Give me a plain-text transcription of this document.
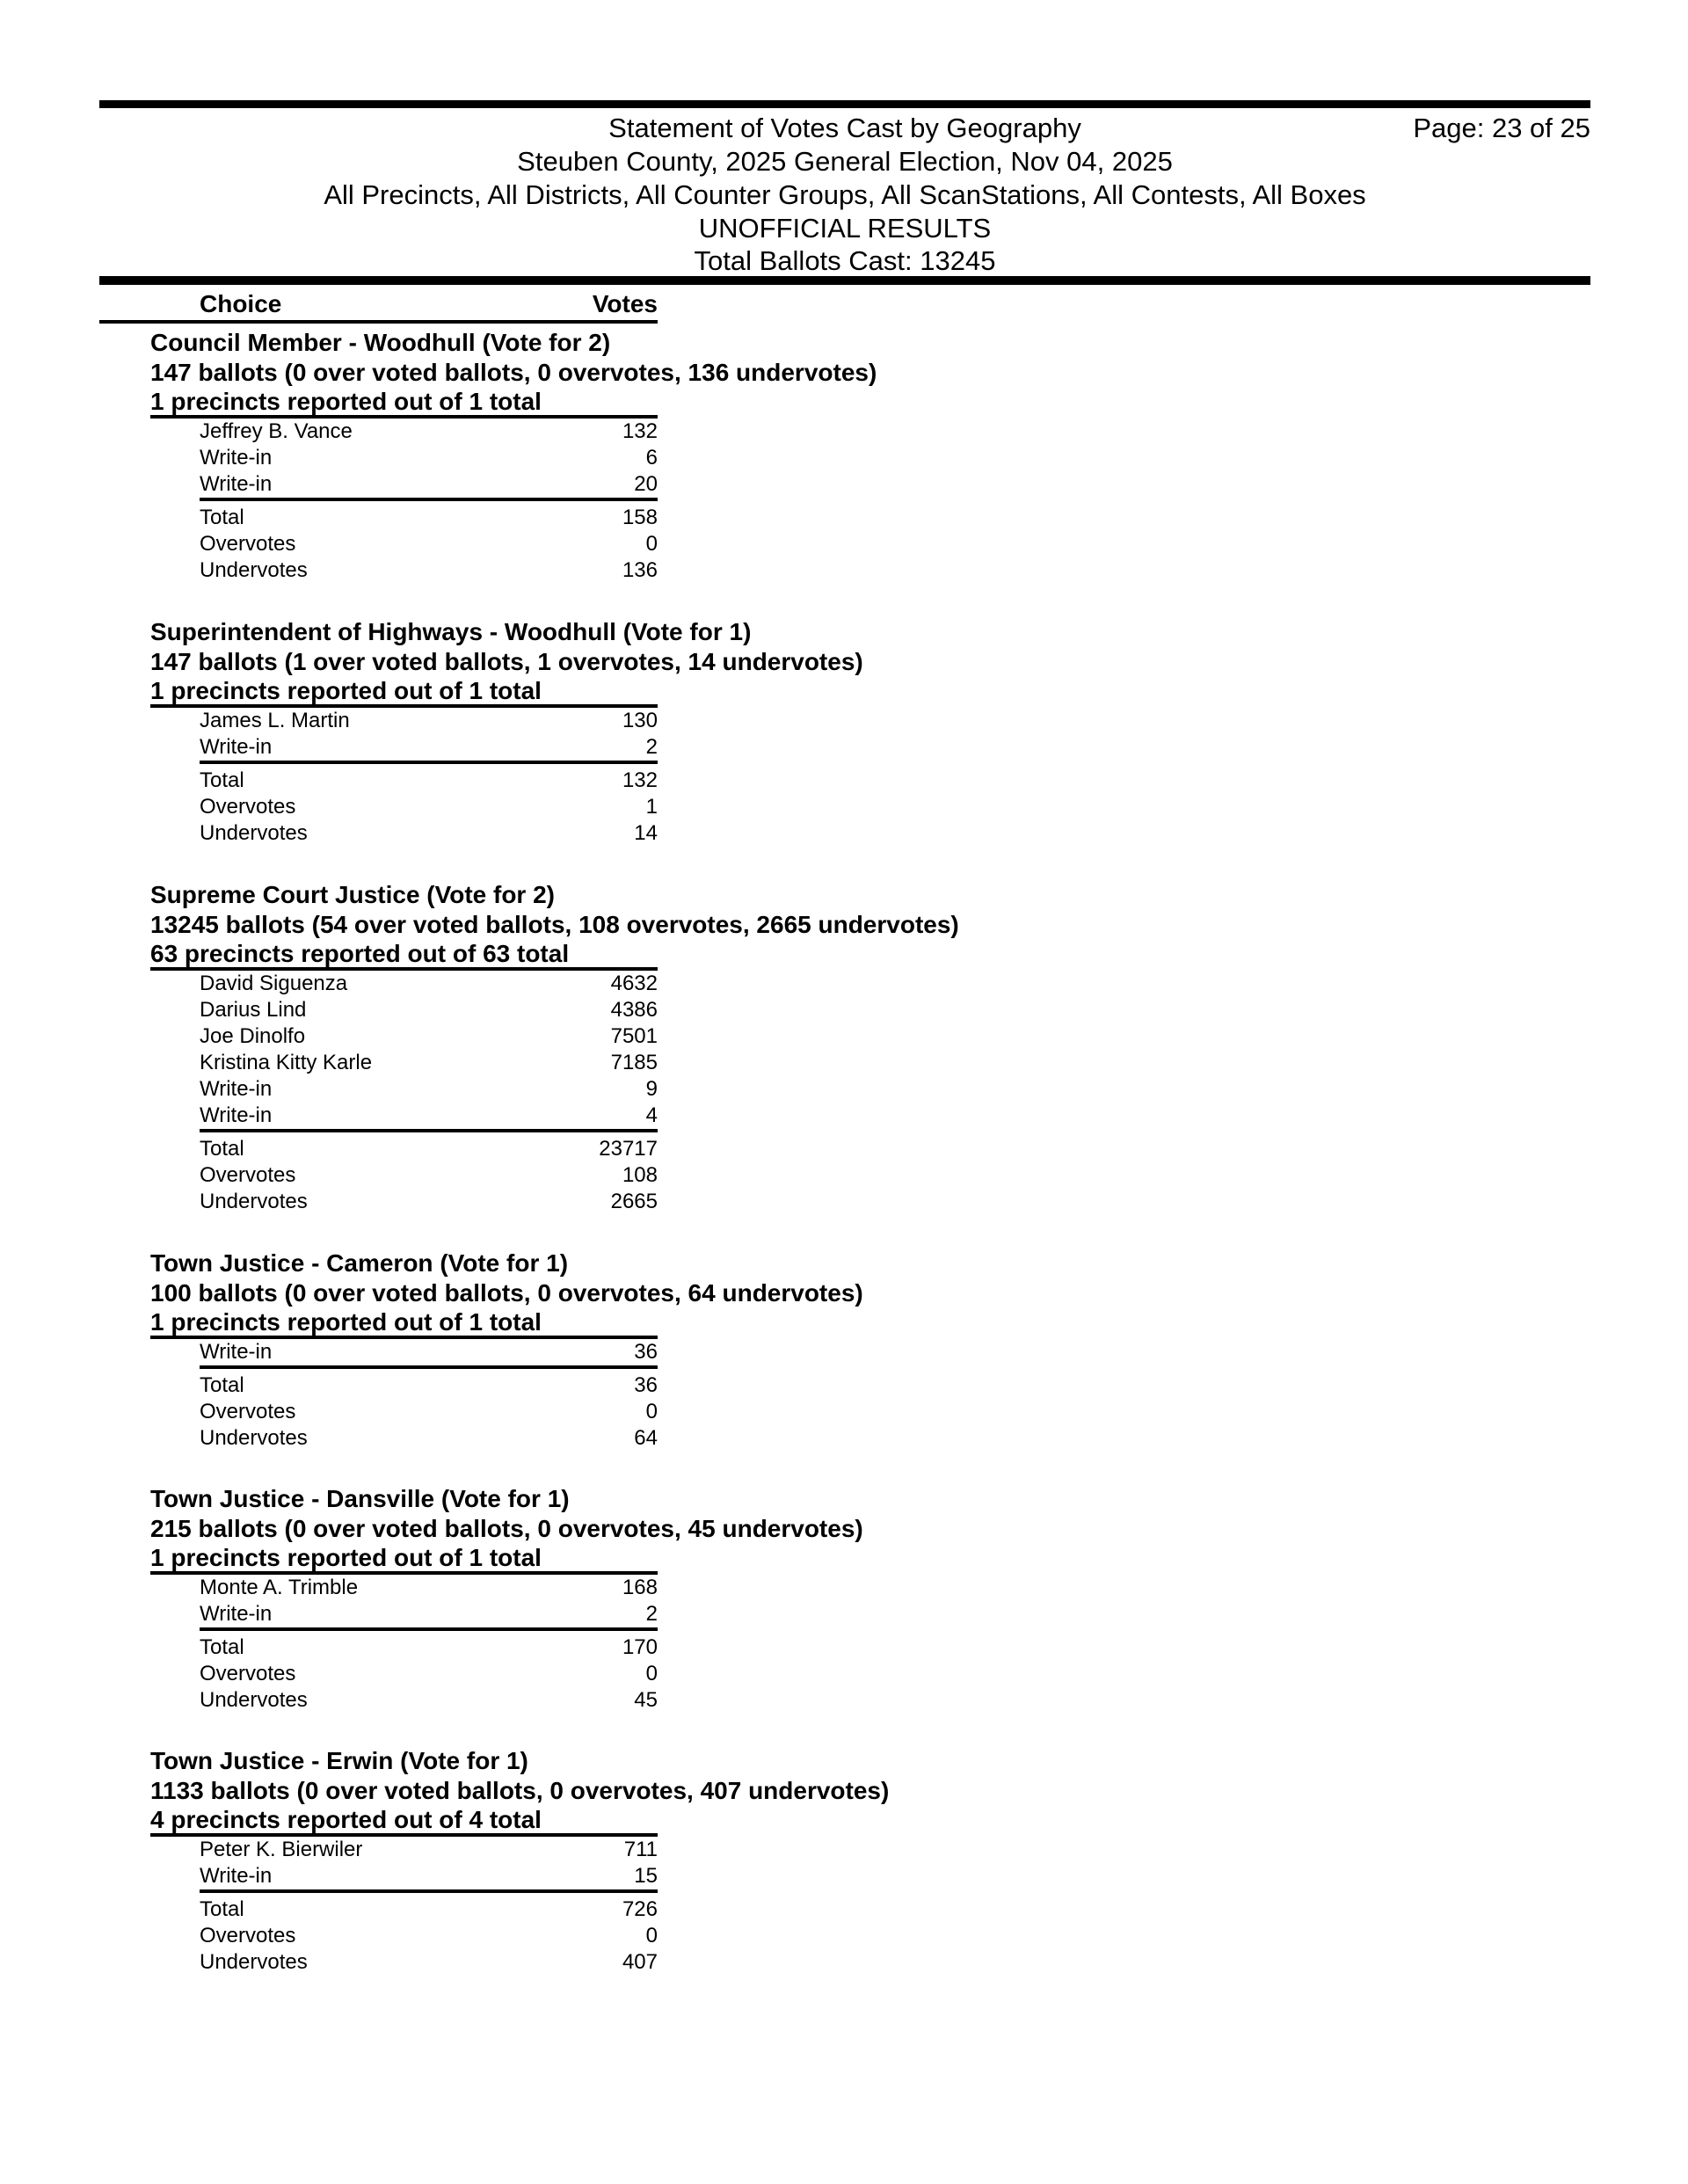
Statement of Votes Cast by Geography	Page: 23 of 25
Steuben County, 2025 General Election, Nov 04, 2025
All Precincts, All Districts, All Counter Groups, All ScanStations, All Contests, All Boxes
UNOFFICIAL RESULTS
Total Ballots Cast: 13245
Choice	Votes
Council Member - Woodhull (Vote for 2)
147 ballots (0 over voted ballots, 0 overvotes, 136 undervotes)
1 precincts reported out of 1 total
Jeffrey B. Vance	132
Write-in	6
Write-in	20
Total	158
Overvotes	0
Undervotes	136
Superintendent of Highways - Woodhull (Vote for 1)
147 ballots (1 over voted ballots, 1 overvotes, 14 undervotes)
1 precincts reported out of 1 total
James L. Martin	130
Write-in	2
Total	132
Overvotes	1
Undervotes	14
Supreme Court Justice (Vote for 2)
13245 ballots (54 over voted ballots, 108 overvotes, 2665 undervotes)
63 precincts reported out of 63 total
David Siguenza	4632
Darius Lind	4386
Joe Dinolfo	7501
Kristina Kitty Karle	7185
Write-in	9
Write-in	4
Total	23717
Overvotes	108
Undervotes	2665
Town Justice - Cameron (Vote for 1)
100 ballots (0 over voted ballots, 0 overvotes, 64 undervotes)
1 precincts reported out of 1 total
Write-in	36
Total	36
Overvotes	0
Undervotes	64
Town Justice - Dansville (Vote for 1)
215 ballots (0 over voted ballots, 0 overvotes, 45 undervotes)
1 precincts reported out of 1 total
Monte A. Trimble	168
Write-in	2
Total	170
Overvotes	0
Undervotes	45
Town Justice - Erwin (Vote for 1)
1133 ballots (0 over voted ballots, 0 overvotes, 407 undervotes)
4 precincts reported out of 4 total
Peter K. Bierwiler	711
Write-in	15
Total	726
Overvotes	0
Undervotes	407
